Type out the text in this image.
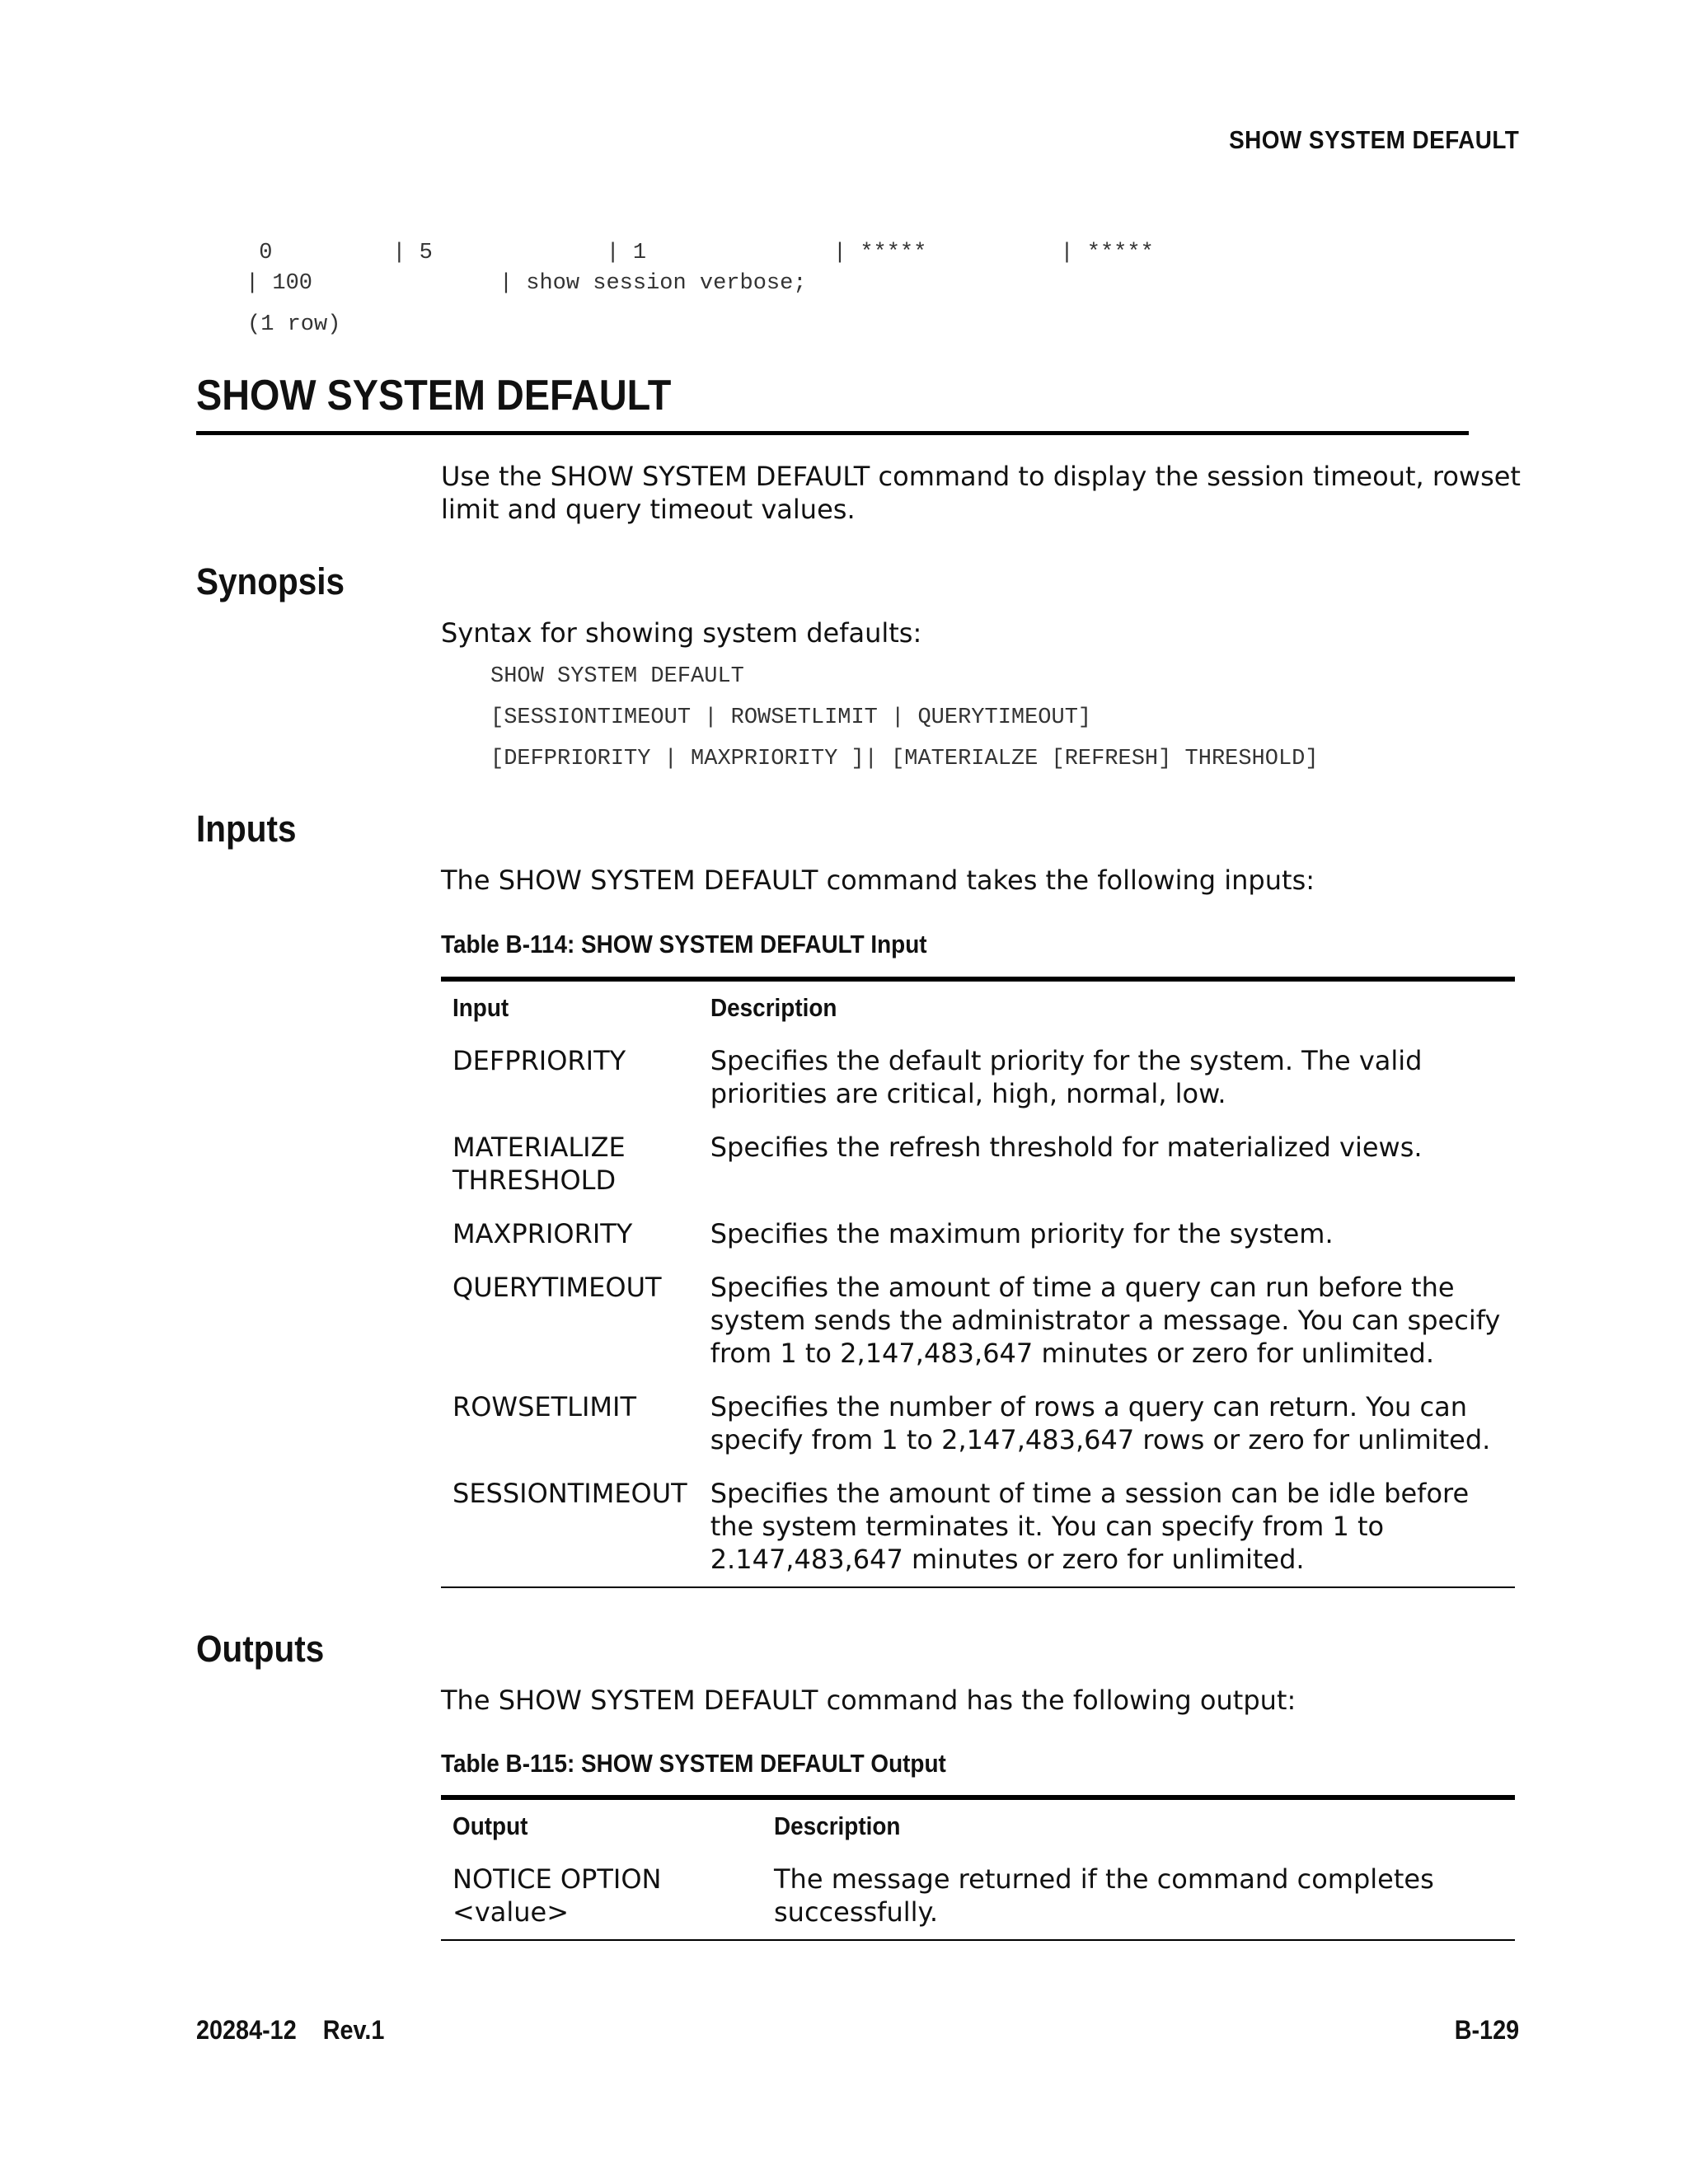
SHOW SYSTEM DEFAULT
0         | 5             | 1              | *****          | *****
| 100              | show session verbose;
(1 row)
SHOW SYSTEM DEFAULT
Use the SHOW SYSTEM DEFAULT command to display the session timeout, rowset limit and query timeout values.
Synopsis
Syntax for showing system defaults:
SHOW SYSTEM DEFAULT
[SESSIONTIMEOUT | ROWSETLIMIT | QUERYTIMEOUT]
[DEFPRIORITY | MAXPRIORITY ]| [MATERIALZE [REFRESH] THRESHOLD]
Inputs
The SHOW SYSTEM DEFAULT command takes the following inputs:
Table B-114: SHOW SYSTEM DEFAULT Input
Input	Description
DEFPRIORITY	Specifies the default priority for the system. The valid priorities are critical, high, normal, low.
MATERIALIZE THRESHOLD	Specifies the refresh threshold for materialized views.
MAXPRIORITY	Specifies the maximum priority for the system.
QUERYTIMEOUT	Specifies the amount of time a query can run before the system sends the administrator a message. You can specify from 1 to 2,147,483,647 minutes or zero for unlimited.
ROWSETLIMIT	Specifies the number of rows a query can return. You can specify from 1 to 2,147,483,647 rows or zero for unlimited.
SESSIONTIMEOUT	Specifies the amount of time a session can be idle before the system terminates it. You can specify from 1 to 2.147,483,647 minutes or zero for unlimited.
Outputs
The SHOW SYSTEM DEFAULT command has the following output:
Table B-115: SHOW SYSTEM DEFAULT Output
Output	Description
NOTICE OPTION <value>	The message returned if the command completes successfully.
20284-12 Rev.1	B-129
